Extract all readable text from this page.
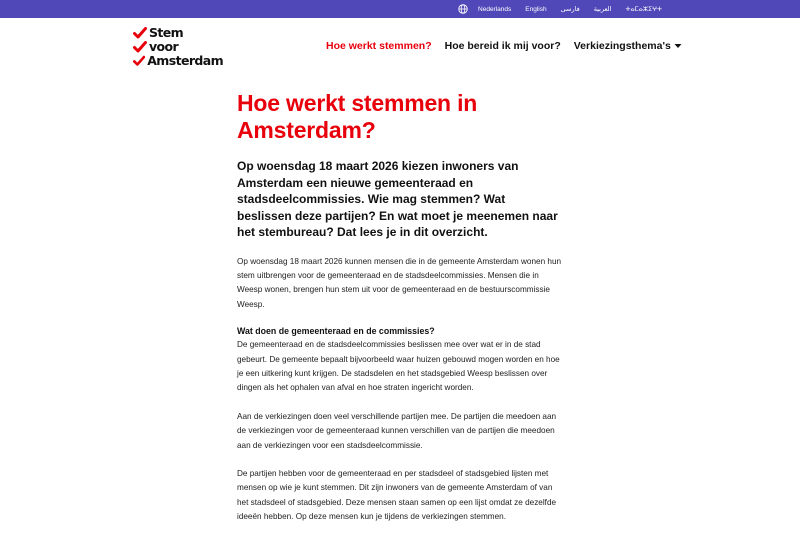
Nederlands English فارسی العربية ⵜⴰⵎⴰⵣⵉⵖⵜ
Stem
voor
Amsterdam
Hoe werkt stemmen? Hoe bereid ik mij voor? Verkiezingsthema's
Hoe werkt stemmen in Amsterdam?

Op woensdag 18 maart 2026 kiezen inwoners van Amsterdam een nieuwe gemeenteraad en stadsdeelcommissies. Wie mag stemmen? Wat beslissen deze partijen? En wat moet je meenemen naar het stembureau? Dat lees je in dit overzicht.

Op woensdag 18 maart 2026 kunnen mensen die in de gemeente Amsterdam wonen hun stem uitbrengen voor de gemeenteraad en de stadsdeelcommissies. Mensen die in Weesp wonen, brengen hun stem uit voor de gemeenteraad en de bestuurscommissie Weesp.

Wat doen de gemeenteraad en de commissies?

De gemeenteraad en de stadsdeelcommissies beslissen mee over wat er in de stad gebeurt. De gemeente bepaalt bijvoorbeeld waar huizen gebouwd mogen worden en hoe je een uitkering kunt krijgen. De stadsdelen en het stadsgebied Weesp beslissen over dingen als het ophalen van afval en hoe straten ingericht worden.

Aan de verkiezingen doen veel verschillende partijen mee. De partijen die meedoen aan de verkiezingen voor de gemeenteraad kunnen verschillen van de partijen die meedoen aan de verkiezingen voor een stadsdeelcommissie.

De partijen hebben voor de gemeenteraad en per stadsdeel of stadsgebied lijsten met mensen op wie je kunt stemmen. Dit zijn inwoners van de gemeente Amsterdam of van het stadsdeel of stadsgebied. Deze mensen staan samen op een lijst omdat ze dezelfde ideeën hebben. Op deze mensen kun je tijdens de verkiezingen stemmen.
